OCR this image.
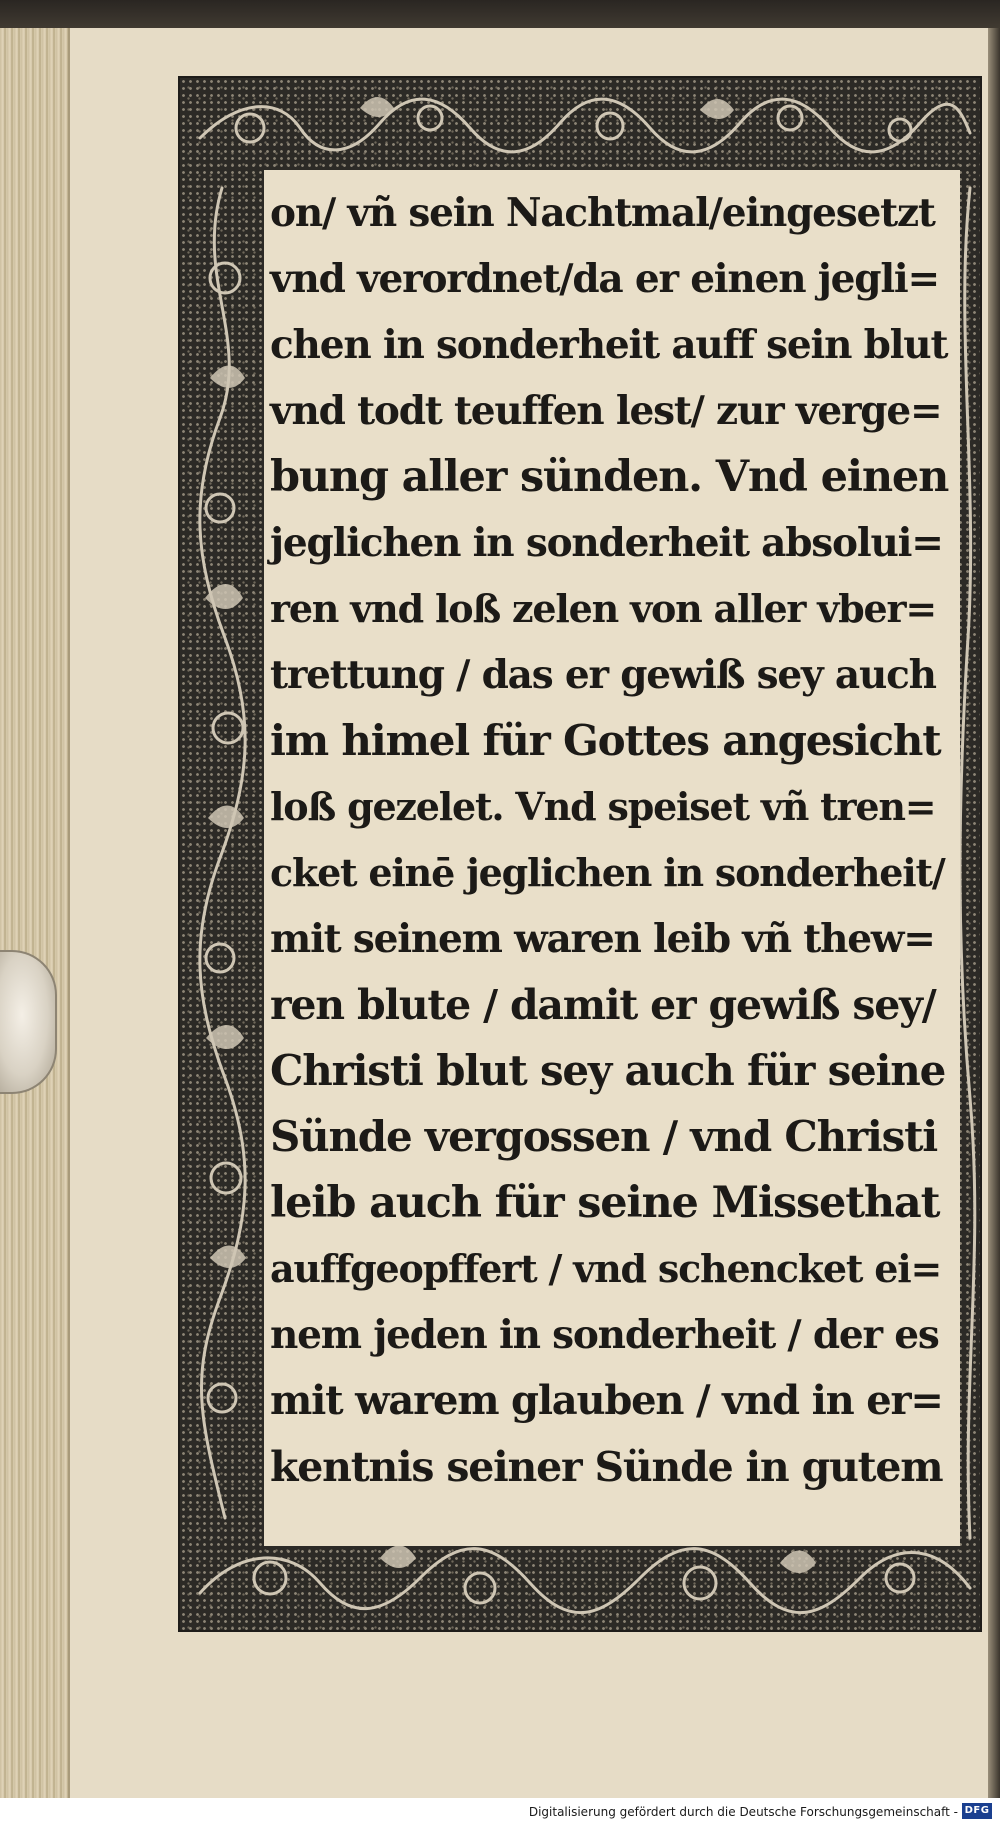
on/ vñ sein Nachtmal/eingesetzt
vnd verordnet/da er einen jegli=
chen in sonderheit auff sein blut
vnd todt teuffen lest/ zur verge=
bung aller sünden. Vnd einen
jeglichen in sonderheit absolui=
ren vnd loß zelen von aller vber=
trettung / das er gewiß sey auch
im himel für Gottes angesicht
loß gezelet. Vnd speiset vñ tren=
cket einē jeglichen in sonderheit/
mit seinem waren leib vñ thew=
ren blute / damit er gewiß sey/
Christi blut sey auch für seine
Sünde vergossen / vnd Christi
leib auch für seine Missethat
auffgeopffert / vnd schencket ei=
nem jeden in sonderheit / der es
mit warem glauben / vnd in er=
kentnis seiner Sünde in gutem
Digitalisierung gefördert durch die Deutsche Forschungsgemeinschaft - DFG
